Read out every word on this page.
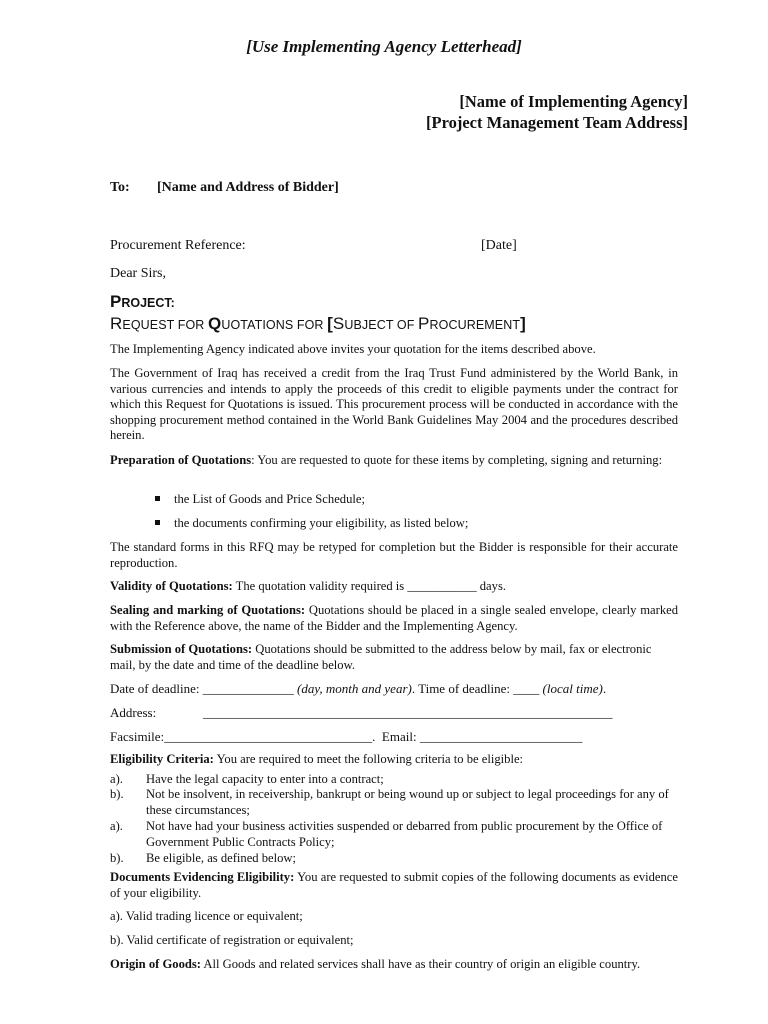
[Use Implementing Agency Letterhead]
[Name of Implementing Agency]
[Project Management Team Address]
To: [Name and Address of Bidder]
Procurement Reference:	[Date]
Dear Sirs,
PROJECT:
REQUEST FOR QUOTATIONS FOR [SUBJECT OF PROCUREMENT]
The Implementing Agency indicated above invites your quotation for the items described above.
The Government of Iraq has received a credit from the Iraq Trust Fund administered by the World Bank, in various currencies and intends to apply the proceeds of this credit to eligible payments under the contract for which this Request for Quotations is issued. This procurement process will be conducted in accordance with the shopping procurement method contained in the World Bank Guidelines May 2004 and the procedures described herein.
Preparation of Quotations: You are requested to quote for these items by completing, signing and returning:
the List of Goods and Price Schedule;
the documents confirming your eligibility, as listed below;
The standard forms in this RFQ may be retyped for completion but the Bidder is responsible for their accurate reproduction.
Validity of Quotations: The quotation validity required is ___________ days.
Sealing and marking of Quotations: Quotations should be placed in a single sealed envelope, clearly marked with the Reference above, the name of the Bidder and the Implementing Agency.
Submission of Quotations: Quotations should be submitted to the address below by mail, fax or electronic mail, by the date and time of the deadline below.
Date of deadline: ______________ (day, month and year). Time of deadline: ____ (local time).
Address:	_______________________________________________________________
Facsimile:________________________________. Email: _________________________
Eligibility Criteria: You are required to meet the following criteria to be eligible:
a). Have the legal capacity to enter into a contract;
b). Not be insolvent, in receivership, bankrupt or being wound up or subject to legal proceedings for any of these circumstances;
a). Not have had your business activities suspended or debarred from public procurement by the Office of Government Public Contracts Policy;
b). Be eligible, as defined below;
Documents Evidencing Eligibility: You are requested to submit copies of the following documents as evidence of your eligibility.
a). Valid trading licence or equivalent;
b). Valid certificate of registration or equivalent;
Origin of Goods: All Goods and related services shall have as their country of origin an eligible country.
